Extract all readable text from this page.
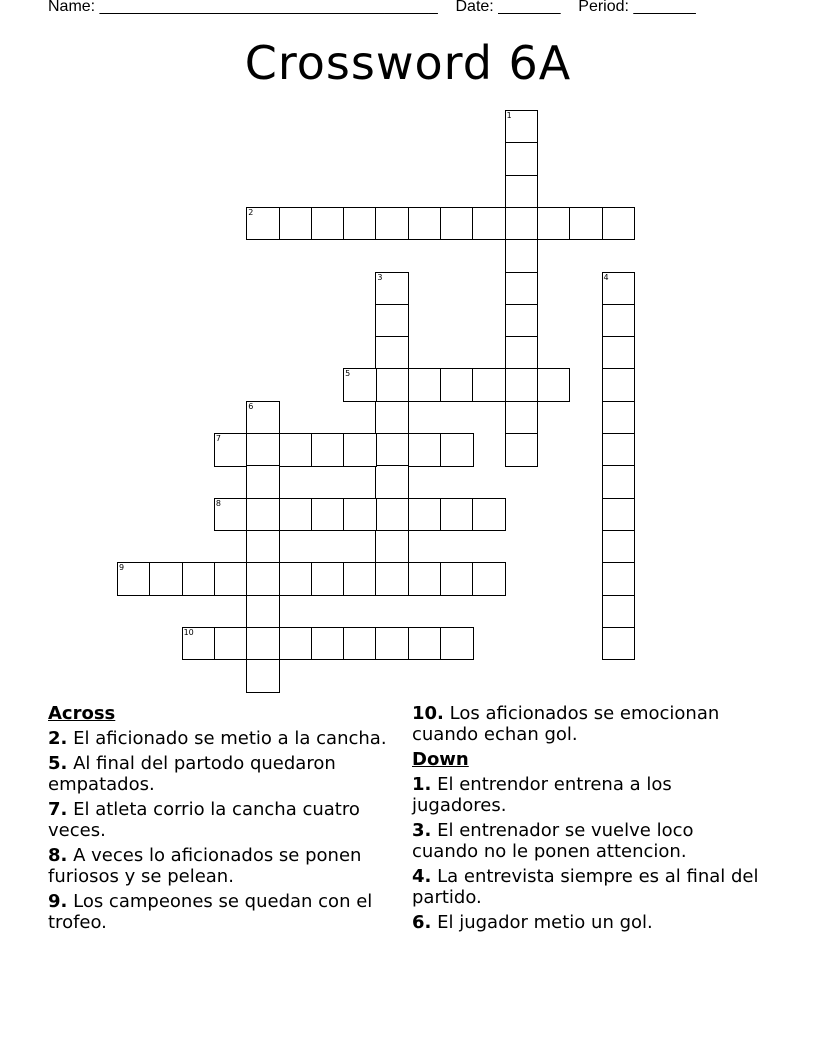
Name: ______________________________________ Date: _______ Period: _______
Crossword 6A
1
2
3	4
5
6
7
8
9
10
Across
2. El aficionado se metio a la cancha.
5. Al final del partodo quedaron empatados.
7. El atleta corrio la cancha cuatro veces.
8. A veces lo aficionados se ponen furiosos y se pelean.
9. Los campeones se quedan con el trofeo.
10. Los aficionados se emocionan cuando echan gol.
Down
1. El entrendor entrena a los jugadores.
3. El entrenador se vuelve loco cuando no le ponen attencion.
4. La entrevista siempre es al final del partido.
6. El jugador metio un gol.
